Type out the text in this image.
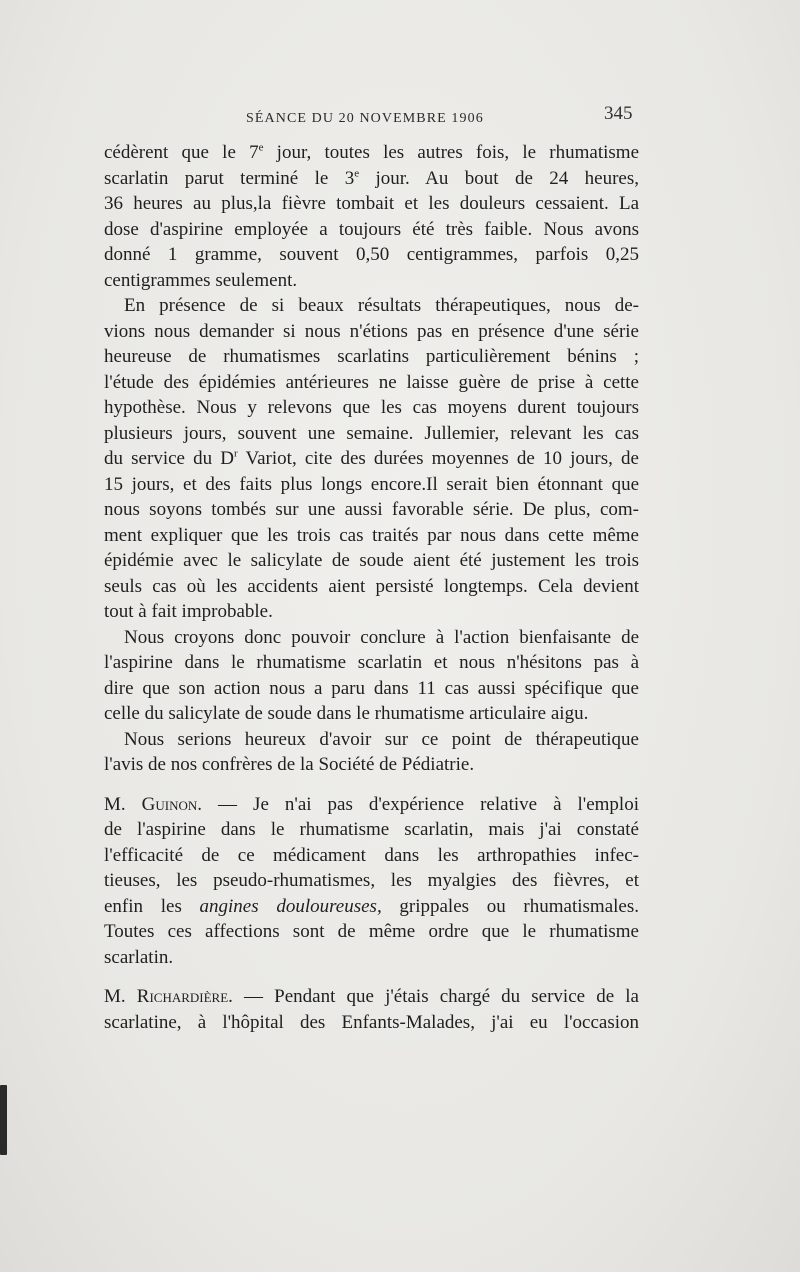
SÉANCE DU 20 NOVEMBRE 1906	345

cédèrent que le 7e jour, toutes les autres fois, le rhumatisme
scarlatin parut terminé le 3e jour. Au bout de 24 heures,
36 heures au plus,la fièvre tombait et les douleurs cessaient. La
dose d'aspirine employée a toujours été très faible. Nous avons
donné 1 gramme, souvent 0,50 centigrammes, parfois 0,25
centigrammes seulement.

En présence de si beaux résultats thérapeutiques, nous de-
vions nous demander si nous n'étions pas en présence d'une série
heureuse de rhumatismes scarlatins particulièrement bénins ;
l'étude des épidémies antérieures ne laisse guère de prise à cette
hypothèse. Nous y relevons que les cas moyens durent toujours
plusieurs jours, souvent une semaine. Jullemier, relevant les cas
du service du $D^r$ Variot, cite des durées moyennes de 10 jours, de
15 jours, et des faits plus longs encore.Il serait bien étonnant que
nous soyons tombés sur une aussi favorable série. De plus, com-
ment expliquer que les trois cas traités par nous dans cette même
épidémie avec le salicylate de soude aient été justement les trois
seuls cas où les accidents aient persisté longtemps. Cela devient
tout à fait improbable.

Nous croyons donc pouvoir conclure à l'action bienfaisante de
l'aspirine dans le rhumatisme scarlatin et nous n'hésitons pas à
dire que son action nous a paru dans 11 cas aussi spécifique que
celle du salicylate de soude dans le rhumatisme articulaire aigu.

Nous serions heureux d'avoir sur ce point de thérapeutique
l'avis de nos confrères de la Société de Pédiatrie.

M. Guinon. — Je n'ai pas d'expérience relative à l'emploi
de l'aspirine dans le rhumatisme scarlatin, mais j'ai constaté
l'efficacité de ce médicament dans les arthropathies infec-
tieuses, les pseudo-rhumatismes, les myalgies des fièvres, et
enfin les angines douloureuses, grippales ou rhumatismales.
Toutes ces affections sont de même ordre que le rhumatisme
scarlatin.

M. Richardière. — Pendant que j'étais chargé du service de la
scarlatine, à l'hôpital des Enfants-Malades, j'ai eu l'occasion
